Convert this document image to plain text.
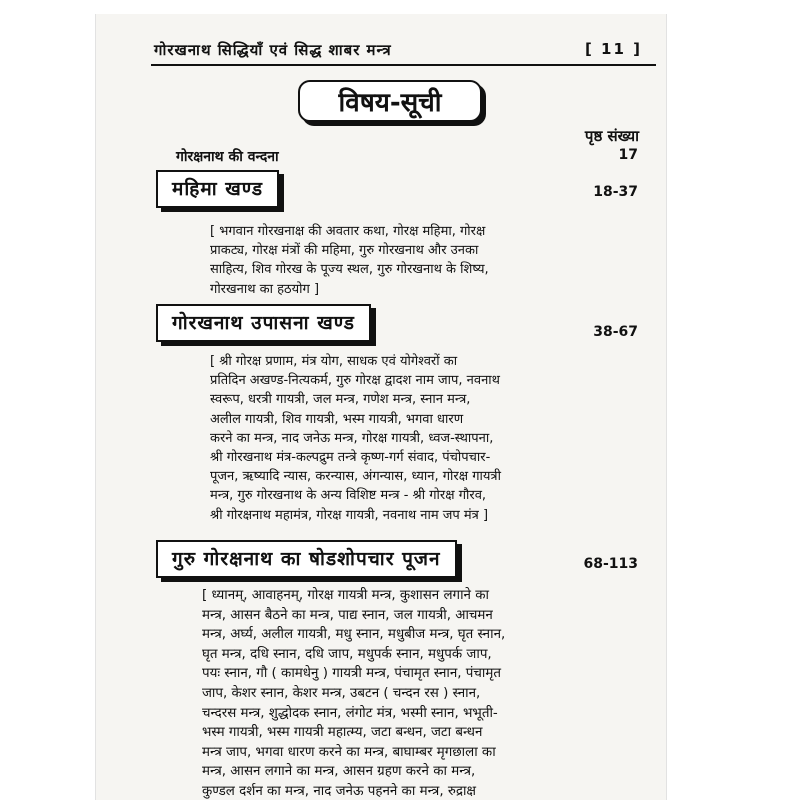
गोरखनाथ सिद्धियाँ एवं सिद्ध शाबर मन्त्र	[ 11 ]
विषय-सूची
पृष्ठ संख्या
गोरक्षनाथ की वन्दना	17
महिमा खण्ड	18-37
[ भगवान गोरखनाक्ष की अवतार कथा, गोरक्ष महिमा, गोरक्ष
प्राकट्य, गोरक्ष मंत्रों की महिमा, गुरु गोरखनाथ और उनका
साहित्य, शिव गोरख के पूज्य स्थल, गुरु गोरखनाथ के शिष्य,
गोरखनाथ का हठयोग ]
गोरखनाथ उपासना खण्ड	38-67
[ श्री गोरक्ष प्रणाम, मंत्र योग, साधक एवं योगेश्वरों का
प्रतिदिन अखण्ड-नित्यकर्म, गुरु गोरक्ष द्वादश नाम जाप, नवनाथ
स्वरूप, धरत्री गायत्री, जल मन्त्र, गणेश मन्त्र, स्नान मन्त्र,
अलील गायत्री, शिव गायत्री, भस्म गायत्री, भगवा धारण
करने का मन्त्र, नाद जनेऊ मन्त्र, गोरक्ष गायत्री, ध्वज-स्थापना,
श्री गोरखनाथ मंत्र-कल्पद्रुम तन्त्रे कृष्ण-गर्ग संवाद, पंचोपचार-
पूजन, ऋष्यादि न्यास, करन्यास, अंगन्यास, ध्यान, गोरक्ष गायत्री
मन्त्र, गुरु गोरखनाथ के अन्य विशिष्ट मन्त्र - श्री गोरक्ष गौरव,
श्री गोरक्षनाथ महामंत्र, गोरक्ष गायत्री, नवनाथ नाम जप मंत्र ]
गुरु गोरक्षनाथ का षोडशोपचार पूजन	68-113
[ ध्यानम्, आवाहनम्, गोरक्ष गायत्री मन्त्र, कुशासन लगाने का
मन्त्र, आसन बैठने का मन्त्र, पाद्य स्नान, जल गायत्री, आचमन
मन्त्र, अर्घ्य, अलील गायत्री, मधु स्नान, मधुबीज मन्त्र, घृत स्नान,
घृत मन्त्र, दधि स्नान, दधि जाप, मधुपर्क स्नान, मधुपर्क जाप,
पयः स्नान, गौ ( कामधेनु ) गायत्री मन्त्र, पंचामृत स्नान, पंचामृत
जाप, केशर स्नान, केशर मन्त्र, उबटन ( चन्दन रस ) स्नान,
चन्दरस मन्त्र, शुद्धोदक स्नान, लंगोट मंत्र, भस्मी स्नान, भभूती-
भस्म गायत्री, भस्म गायत्री महात्म्य, जटा बन्धन, जटा बन्धन
मन्त्र जाप, भगवा धारण करने का मन्त्र, बाघाम्बर मृगछाला का
मन्त्र, आसन लगाने का मन्त्र, आसन ग्रहण करने का मन्त्र,
कुण्डल दर्शन का मन्त्र, नाद जनेऊ पहनने का मन्त्र, रुद्राक्ष
